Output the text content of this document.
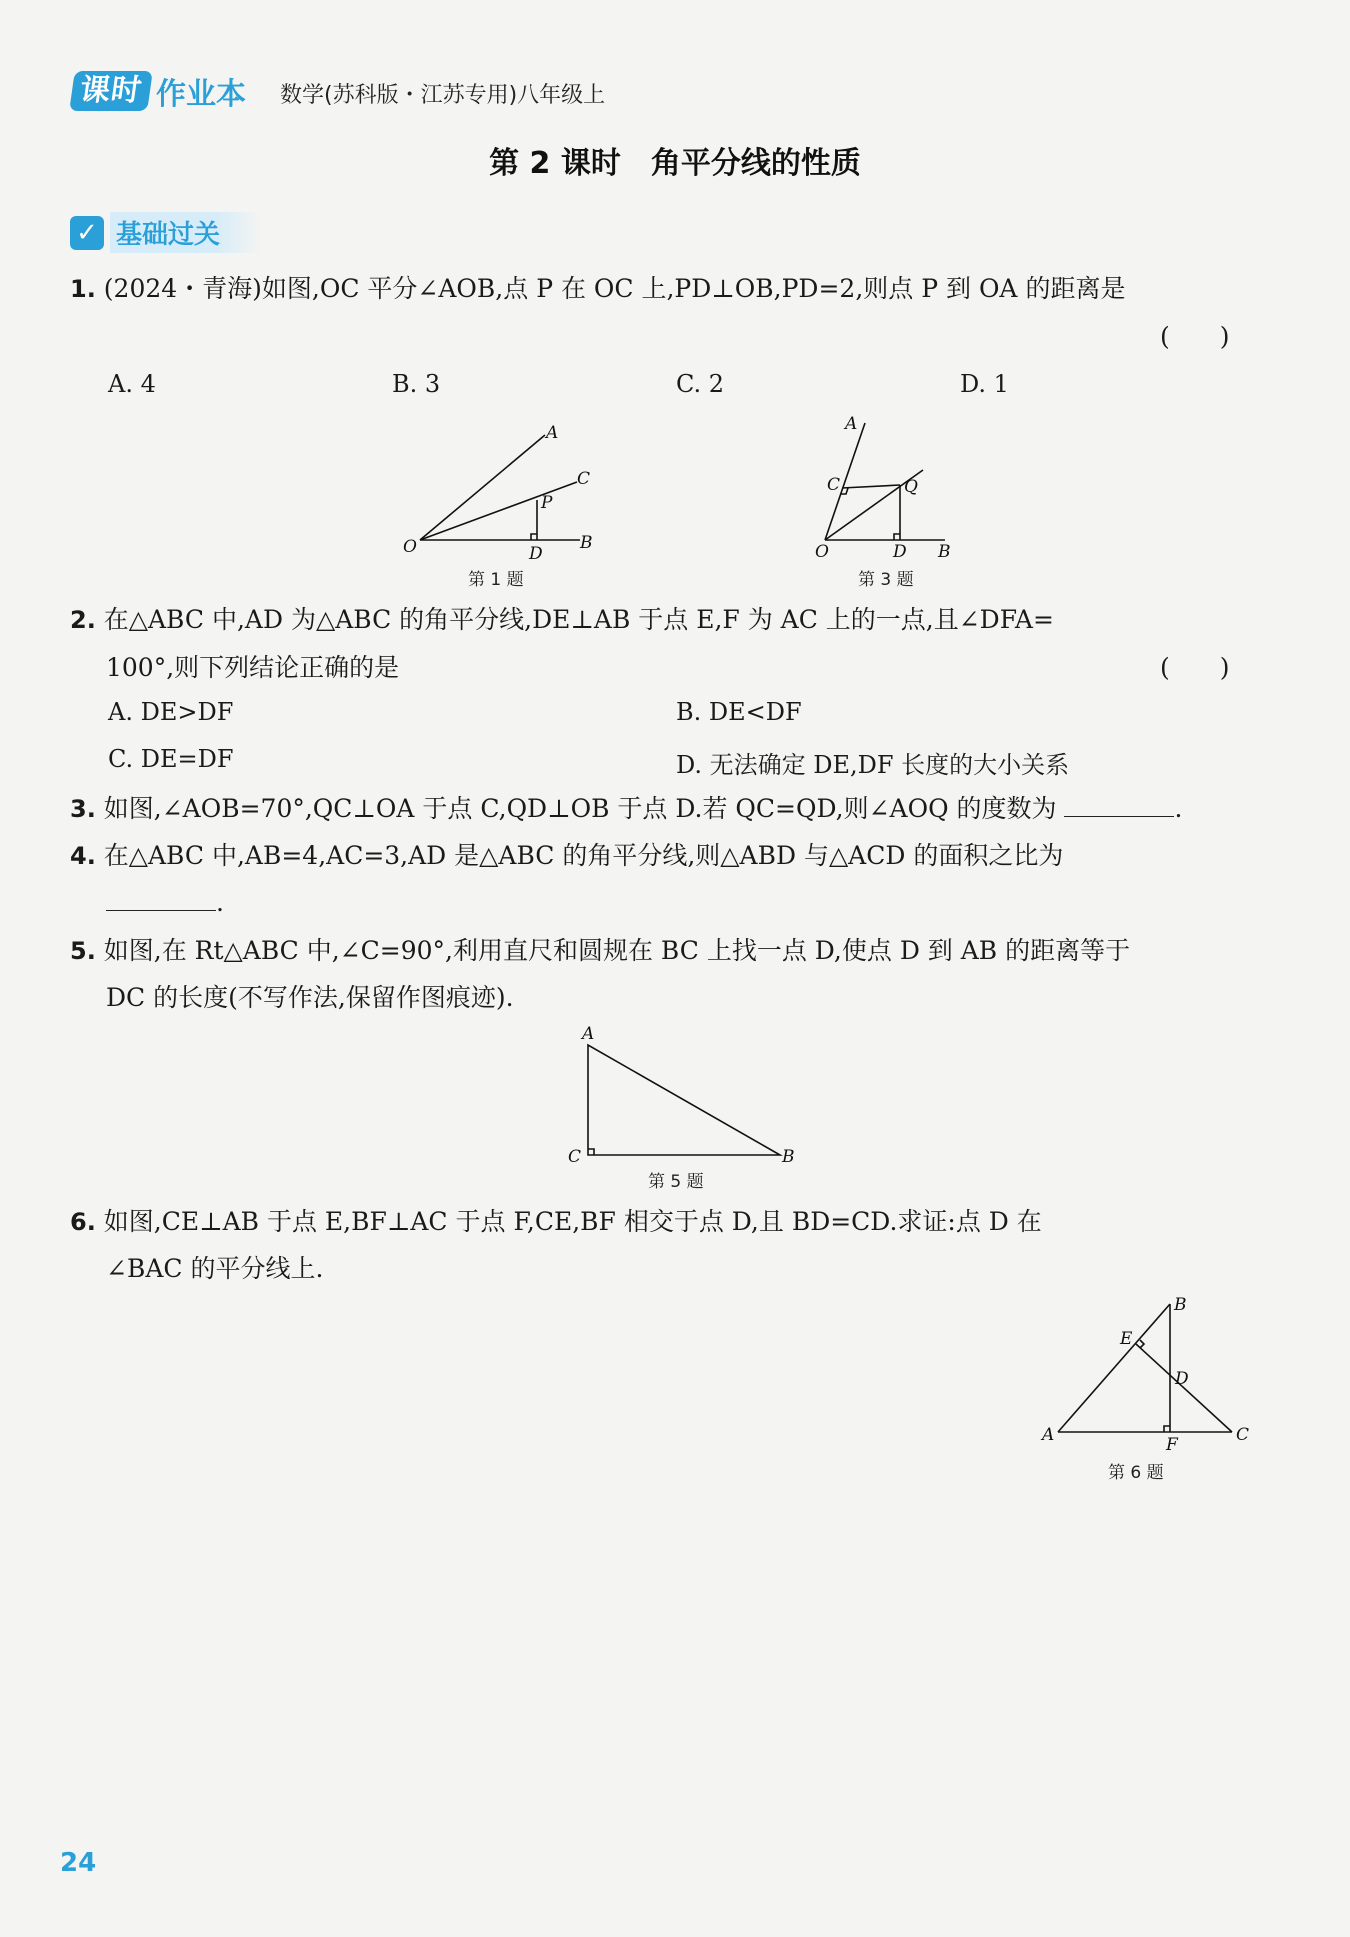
课时 作业本 数学(苏科版・江苏专用)八年级上
第 2 课时　角平分线的性质
✓ 基础过关
1. (2024・青海)如图,OC 平分∠AOB,点 P 在 OC 上,PD⊥OB,PD=2,则点 P 到 OA 的距离是
(　　)
A. 4	B. 3	C. 2	D. 1
A
C
P
O	D
B
第 1 题
A
C	Q
O	D B
第 3 题
2. 在△ABC 中,AD 为△ABC 的角平分线,DE⊥AB 于点 E,F 为 AC 上的一点,且∠DFA=
100°,则下列结论正确的是	(　　)
A. DE>DF	B. DE<DF
C. DE=DF	D. 无法确定 DE,DF 长度的大小关系
3. 如图,∠AOB=70°,QC⊥OA 于点 C,QD⊥OB 于点 D.若 QC=QD,则∠AOQ 的度数为	.
4. 在△ABC 中,AB=4,AC=3,AD 是△ABC 的角平分线,则△ABD 与△ACD 的面积之比为
.
5. 如图,在 Rt△ABC 中,∠C=90°,利用直尺和圆规在 BC 上找一点 D,使点 D 到 AB 的距离等于
DC 的长度(不写作法,保留作图痕迹).
A
C	B
第 5 题
6. 如图,CE⊥AB 于点 E,BF⊥AC 于点 F,CE,BF 相交于点 D,且 BD=CD.求证:点 D 在
∠BAC 的平分线上.
B
E
D
A	F	C
第 6 题
24
